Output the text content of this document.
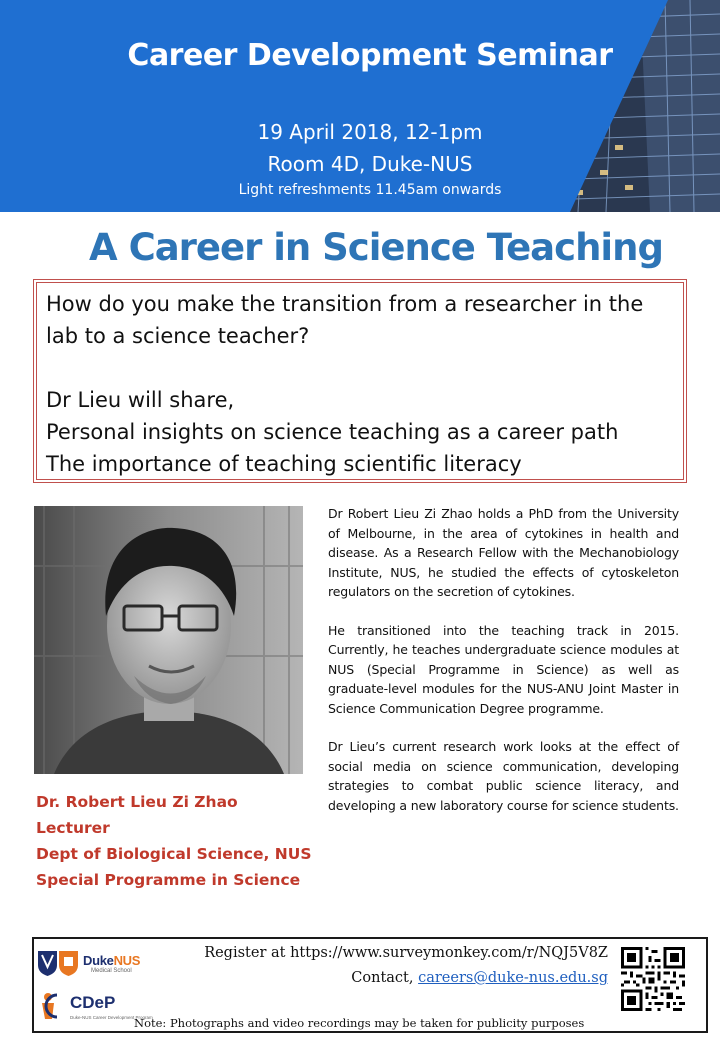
Career Development Seminar
19 April 2018, 12-1pm
Room 4D, Duke-NUS
Light refreshments 11.45am onwards
A Career in Science Teaching

How do you make the transition from a researcher in the lab to a science teacher?

Dr Lieu will share,

Personal insights on science teaching as a career path

The importance of teaching scientific literacy

Dr. Robert Lieu Zi Zhao
Lecturer
Dept of Biological Science, NUS
Special Programme in Science

Dr Robert Lieu Zi Zhao holds a PhD from the University of Melbourne, in the area of cytokines in health and disease. As a Research Fellow with the Mechanobiology Institute, NUS, he studied the effects of cytoskeleton regulators on the secretion of cytokines.

He transitioned into the teaching track in 2015. Currently, he teaches undergraduate science modules at NUS (Special Programme in Science) as well as graduate-level modules for the NUS-ANU Joint Master in Science Communication Degree programme.

Dr Lieu’s current research work looks at the effect of social media on science communication, developing strategies to combat public science literacy, and developing a new laboratory course for science students.

DukeNUS
Medical School
CDeP
Duke-NUS Career Development Program
Register at https://www.surveymonkey.com/r/NQJ5V8Z
Contact, careers@duke-nus.edu.sg
Note: Photographs and video recordings may be taken for publicity purposes
